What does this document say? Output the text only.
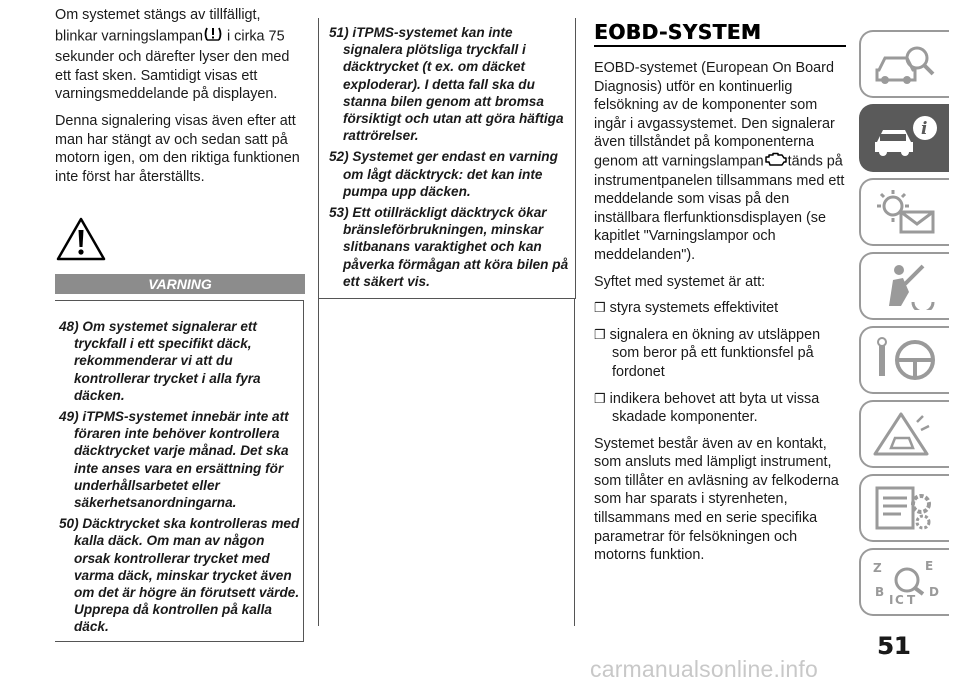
Om systemet stängs av tillfälligt, blinkar varningslampan i cirka 75 sekunder och därefter lyser den med ett fast sken. Samtidigt visas ett varningsmeddelande på displayen.

Denna signalering visas även efter att man har stängt av och sedan satt på motorn igen, om den riktiga funktionen inte först har återställts.

VARNING

48) Om systemet signalerar ett tryckfall i ett specifikt däck, rekommenderar vi att du kontrollerar trycket i alla fyra däcken.

49) iTPMS-systemet innebär inte att föraren inte behöver kontrollera däcktrycket varje månad. Det ska inte anses vara en ersättning för underhållsarbetet eller säkerhetsanordningarna.

50) Däcktrycket ska kontrolleras med kalla däck. Om man av någon orsak kontrollerar trycket med varma däck, minskar trycket även om det är högre än förutsett värde. Upprepa då kontrollen på kalla däck.

51) iTPMS-systemet kan inte signalera plötsliga tryckfall i däcktrycket (t ex. om däcket exploderar). I detta fall ska du stanna bilen genom att bromsa försiktigt och utan att göra häftiga rattrörelser.

52) Systemet ger endast en varning om lågt däcktryck: det kan inte pumpa upp däcken.

53) Ett otillräckligt däcktryck ökar bränsleförbrukningen, minskar slitbanans varaktighet och kan påverka förmågan att köra bilen på ett säkert vis.

EOBD-SYSTEM

EOBD-systemet (European On Board Diagnosis) utför en kontinuerlig felsökning av de komponenter som ingår i avgassystemet. Den signalerar även tillståndet på komponenterna genom att varningslampan tänds på instrumentpanelen tillsammans med ett meddelande som visas på den inställbara flerfunktionsdisplayen (se kapitlet "Varningslampor och meddelanden").

Syftet med systemet är att:

❒ styra systemets effektivitet

❒ signalera en ökning av utsläppen som beror på ett funktionsfel på fordonet

❒ indikera behovet att byta ut vissa skadade komponenter.

Systemet består även av en kontakt, som ansluts med lämpligt instrument, som tillåter en avläsning av felkoderna som har sparats i styrenheten, tillsammans med en serie specifika parametrar för felsökningen och motorns funktion.

i
Z	E
B
I C T
D
51
carmanualsonline.info
